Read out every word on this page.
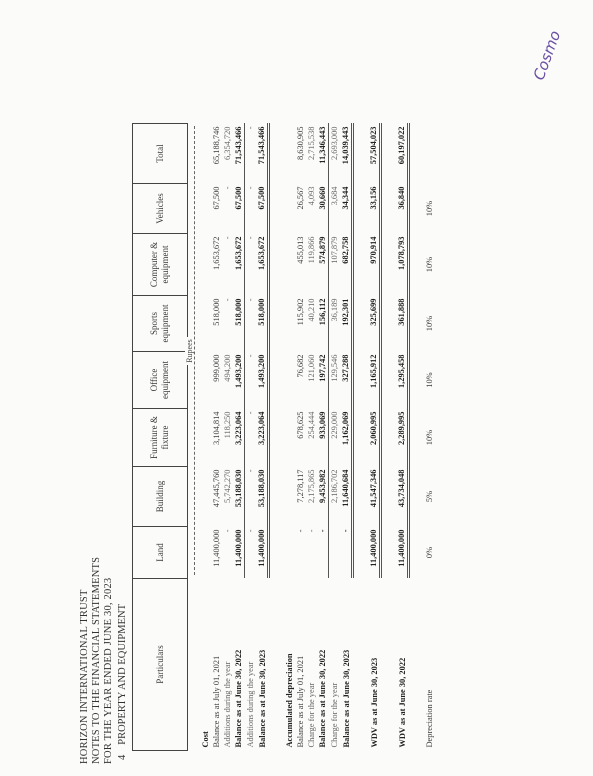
HORIZON INTERNATIONAL TRUST NOTES TO THE FINANCIAL STATEMENTS FOR THE YEAR ENDED JUNE 30, 2023 4PROPERTY AND EQUIPMENT	Particulars	Land	Building	Furniture & fixture	Office equipment	Sports equipment	Computer & equipment	Vehicles	Total

Rupees							
Cost								
Balance as at July 01, 2021	11,400,000	47,445,760	3,104,814	999,000	518,000	1,653,672	67,500	65,188,746
Additions during the year	-	5,742,270	118,250	494,200	-	-	-	6,354,720
Balance as at June 30, 2022	11,400,000	53,188,030	3,223,064	1,493,200	518,000	1,653,672	67,500	71,543,466
Additions during the year	-	-	-	-	-	-	-	-
Balance as at June 30, 2023	11,400,000	53,188,030	3,223,064	1,493,200	518,000	1,653,672	67,500	71,543,466

Accumulated depreciation								
Balance as at July 01, 2021	-	7,278,117	678,625	76,682	115,902	455,013	26,567	8,630,905
Charge for the year	-	2,175,865	254,444	121,060	40,210	119,866	4,093	2,715,538
Balance as at June 30, 2022	-	9,453,982	933,069	197,742	156,112	574,879	30,660	11,346,443
Charge for the year		2,186,702	229,000	129,546	36,189	107,879	3,684	2,693,000
Balance as at June 30, 2023	-	11,640,684	1,162,069	327,288	192,301	682,758	34,344	14,039,443

WDV as at June 30, 2023	11,400,000	41,547,346	2,060,995	1,165,912	325,699	970,914	33,156	57,504,023

WDV as at June 30, 2022	11,400,000	43,734,048	2,289,995	1,295,458	361,888	1,078,793	36,840	60,197,022

Depreciation rate	0%	5%	10%	10%	10%	10%	10%	
Cosmo
